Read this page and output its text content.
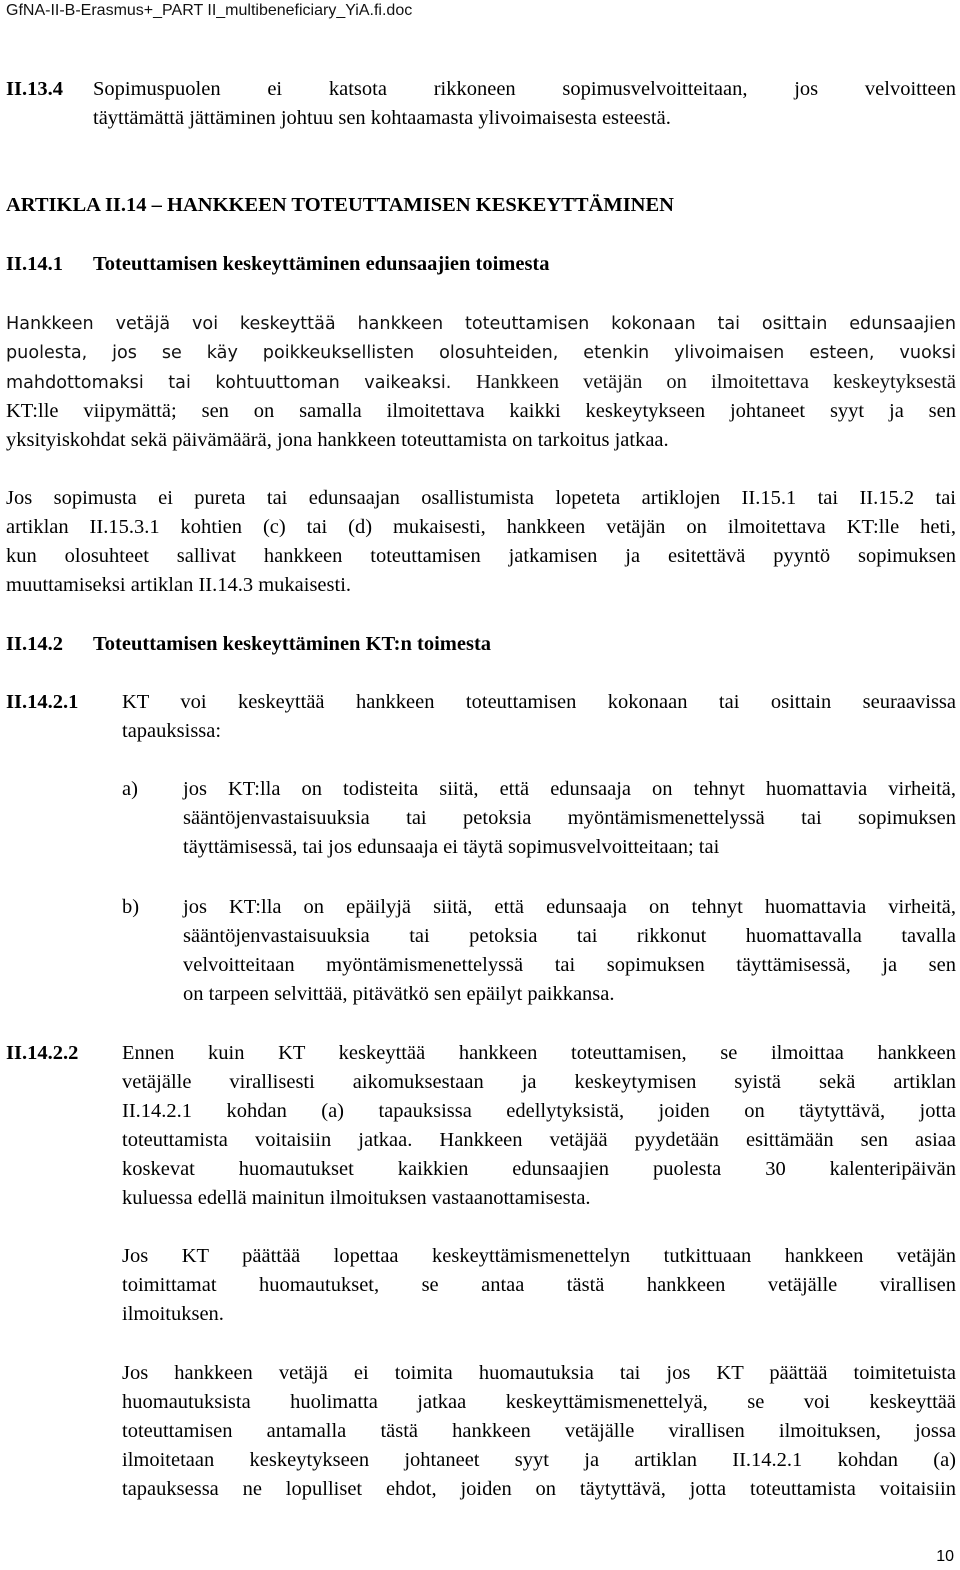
GfNA-II-B-Erasmus+_PART II_multibeneficiary_YiA.fi.doc
II.13.4 Sopimuspuolen ei katsota rikkoneen sopimusvelvoitteitaan, jos velvoitteen
täyttämättä jättäminen johtuu sen kohtaamasta ylivoimaisesta esteestä.
ARTIKLA II.14 – HANKKEEN TOTEUTTAMISEN KESKEYTTÄMINEN
II.14.1 Toteuttamisen keskeyttäminen edunsaajien toimesta
Hankkeen vetäjä voi keskeyttää hankkeen toteuttamisen kokonaan tai osittain edunsaajien
puolesta, jos se käy poikkeuksellisten olosuhteiden, etenkin ylivoimaisen esteen, vuoksi
mahdottomaksi tai kohtuuttoman vaikeaksi. Hankkeen vetäjän on ilmoitettava keskeytyksestä
KT:lle viipymättä; sen on samalla ilmoitettava kaikki keskeytykseen johtaneet syyt ja sen
yksityiskohdat sekä päivämäärä, jona hankkeen toteuttamista on tarkoitus jatkaa.
Jos sopimusta ei pureta tai edunsaajan osallistumista lopeteta artiklojen II.15.1 tai II.15.2 tai
artiklan II.15.3.1 kohtien (c) tai (d) mukaisesti, hankkeen vetäjän on ilmoitettava KT:lle heti,
kun olosuhteet sallivat hankkeen toteuttamisen jatkamisen ja esitettävä pyyntö sopimuksen
muuttamiseksi artiklan II.14.3 mukaisesti.
II.14.2 Toteuttamisen keskeyttäminen KT:n toimesta
II.14.2.1 KT voi keskeyttää hankkeen toteuttamisen kokonaan tai osittain seuraavissa
tapauksissa:
a) jos KT:lla on todisteita siitä, että edunsaaja on tehnyt huomattavia virheitä,
sääntöjenvastaisuuksia tai petoksia myöntämismenettelyssä tai sopimuksen
täyttämisessä, tai jos edunsaaja ei täytä sopimusvelvoitteitaan; tai
b) jos KT:lla on epäilyjä siitä, että edunsaaja on tehnyt huomattavia virheitä,
sääntöjenvastaisuuksia tai petoksia tai rikkonut huomattavalla tavalla
velvoitteitaan myöntämismenettelyssä tai sopimuksen täyttämisessä, ja sen
on tarpeen selvittää, pitävätkö sen epäilyt paikkansa.
II.14.2.2 Ennen kuin KT keskeyttää hankkeen toteuttamisen, se ilmoittaa hankkeen
vetäjälle virallisesti aikomuksestaan ja keskeytymisen syistä sekä artiklan
II.14.2.1 kohdan (a) tapauksissa edellytyksistä, joiden on täytyttävä, jotta
toteuttamista voitaisiin jatkaa. Hankkeen vetäjää pyydetään esittämään sen asiaa
koskevat huomautukset kaikkien edunsaajien puolesta 30 kalenteripäivän
kuluessa edellä mainitun ilmoituksen vastaanottamisesta.
Jos KT päättää lopettaa keskeyttämismenettelyn tutkittuaan hankkeen vetäjän
toimittamat huomautukset, se antaa tästä hankkeen vetäjälle virallisen
ilmoituksen.
Jos hankkeen vetäjä ei toimita huomautuksia tai jos KT päättää toimitetuista
huomautuksista huolimatta jatkaa keskeyttämismenettelyä, se voi keskeyttää
toteuttamisen antamalla tästä hankkeen vetäjälle virallisen ilmoituksen, jossa
ilmoitetaan keskeytykseen johtaneet syyt ja artiklan II.14.2.1 kohdan (a)
tapauksessa ne lopulliset ehdot, joiden on täytyttävä, jotta toteuttamista voitaisiin
10
